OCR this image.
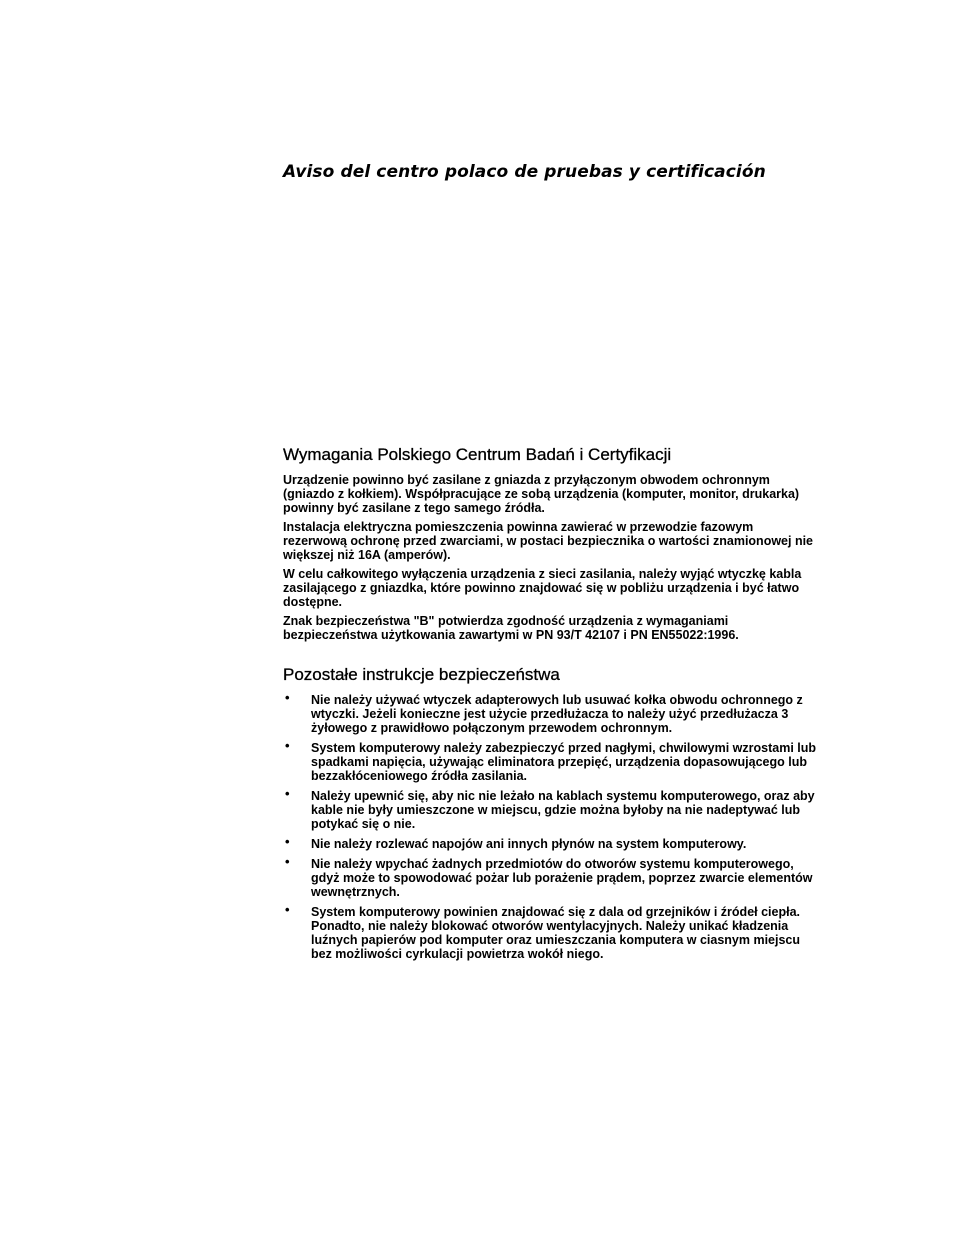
Aviso del centro polaco de pruebas y certificación
Wymagania Polskiego Centrum Badań i Certyfikacji

Urządzenie powinno być zasilane z gniazda z przyłączonym obwodem ochronnym (gniazdo z kołkiem). Współpracujące ze sobą urządzenia (komputer, monitor, drukarka) powinny być zasilane z tego samego źródła.

Instalacja elektryczna pomieszczenia powinna zawierać w przewodzie fazowym rezerwową ochronę przed zwarciami, w postaci bezpiecznika o wartości znamionowej nie większej niż 16A (amperów).

W celu całkowitego wyłączenia urządzenia z sieci zasilania, należy wyjąć wtyczkę kabla zasilającego z gniazdka, które powinno znajdować się w pobliżu urządzenia i być łatwo dostępne.

Znak bezpieczeństwa "B" potwierdza zgodność urządzenia z wymaganiami bezpieczeństwa użytkowania zawartymi w PN 93/T 42107 i PN EN55022:1996.

Pozostałe instrukcje bezpieczeństwa
• Nie należy używać wtyczek adapterowych lub usuwać kołka obwodu ochronnego z wtyczki. Jeżeli konieczne jest użycie przedłużacza to należy użyć przedłużacza 3 żyłowego z prawidłowo połączonym przewodem ochronnym.
• System komputerowy należy zabezpieczyć przed nagłymi, chwilowymi wzrostami lub spadkami napięcia, używając eliminatora przepięć, urządzenia dopasowującego lub bezzakłóceniowego źródła zasilania.
• Należy upewnić się, aby nic nie leżało na kablach systemu komputerowego, oraz aby kable nie były umieszczone w miejscu, gdzie można byłoby na nie nadeptywać lub potykać się o nie.
• Nie należy rozlewać napojów ani innych płynów na system komputerowy.
• Nie należy wpychać żadnych przedmiotów do otworów systemu komputerowego, gdyż może to spowodować pożar lub porażenie prądem, poprzez zwarcie elementów wewnętrznych.
• System komputerowy powinien znajdować się z dala od grzejników i źródeł ciepła. Ponadto, nie należy blokować otworów wentylacyjnych. Należy unikać kładzenia luźnych papierów pod komputer oraz umieszczania komputera w ciasnym miejscu bez możliwości cyrkulacji powietrza wokół niego.
